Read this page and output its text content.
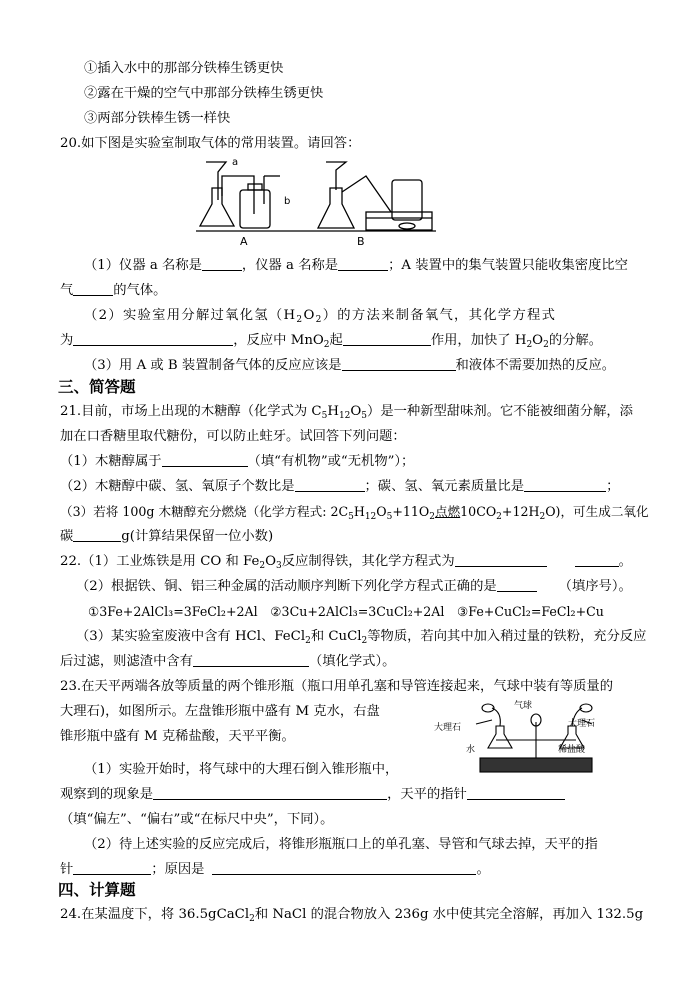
①插入水中的那部分铁棒生锈更快
②露在干燥的空气中那部分铁棒生锈更快
③两部分铁棒生锈一样快
20.如下图是实验室制取气体的常用装置。请回答：
a
b
A	B
（1）仪器 a 名称是	，仪器 a 名称是	；A 装置中的集气装置只能收集密度比空
气	的气体。
（2）实验室用分解过氧化氢$(H_2O_2)$的方法来制备氧气，其化学方程式
为	，反应中 MnO$_2$起	作用，加快了 $H_2O_2$的分解。
（3）用 A 或 B 装置制备气体的反应应该是	和液体不需要加热的反应。
三、简答题
21.目前，市场上出现的木糖醇（化学式为 $C_5H_{12}O_5$）是一种新型甜味剂。它不能被细菌分解，添
加在口香糖里取代糖份，可以防止蛀牙。试回答下列问题：
（1）木糖醇属于	（填“有机物”或“无机物”）；
（2）木糖醇中碳、氢、氧原子个数比是	；碳、氢、氧元素质量比是	；
（3）若将 100g 木糖醇充分燃烧（化学方程式: $2C_5H_{12}O_5+11O_2$点燃$10CO_2+12H_2O$)，可生成二氧化
碳	g(计算结果保留一位小数)
22.（1）工业炼铁是用 CO 和 $Fe_2O_3$反应制得铁，其化学方程式为	。
（2）根据铁、铜、铝三种金属的活动顺序判断下列化学方程式正确的是	（填序号）。
①3Fe+2AlCl₃=3FeCl₂+2Al　②3Cu+2AlCl₃=3CuCl₂+2Al　③Fe+CuCl₂=FeCl₂+Cu
（3）某实验室废液中含有 HCl、FeCl$_2$和 CuCl$_2$等物质，若向其中加入稍过量的铁粉，充分反应
后过滤，则滤渣中含有	（填化学式）。
23.在天平两端各放等质量的两个锥形瓶（瓶口用单孔塞和导管连接起来，气球中装有等质量的
大理石)，如图所示。左盘锥形瓶中盛有 M 克水，右盘
锥形瓶中盛有 M 克稀盐酸，天平平衡。
气球
大理石	大理石
水	稀盐酸
（1）实验开始时，将气球中的大理石倒入锥形瓶中，
观察到的现象是	，天平的指针
（填“偏左”、“偏右”或“在标尺中央”，下同）。
（2）待上述实验的反应完成后，将锥形瓶瓶口上的单孔塞、导管和气球去掉，天平的指
针	；原因是	。
四、计算题
24.在某温度下，将 36.5gCaCl$_2$和 NaCl 的混合物放入 236g 水中使其完全溶解，再加入 132.5g
